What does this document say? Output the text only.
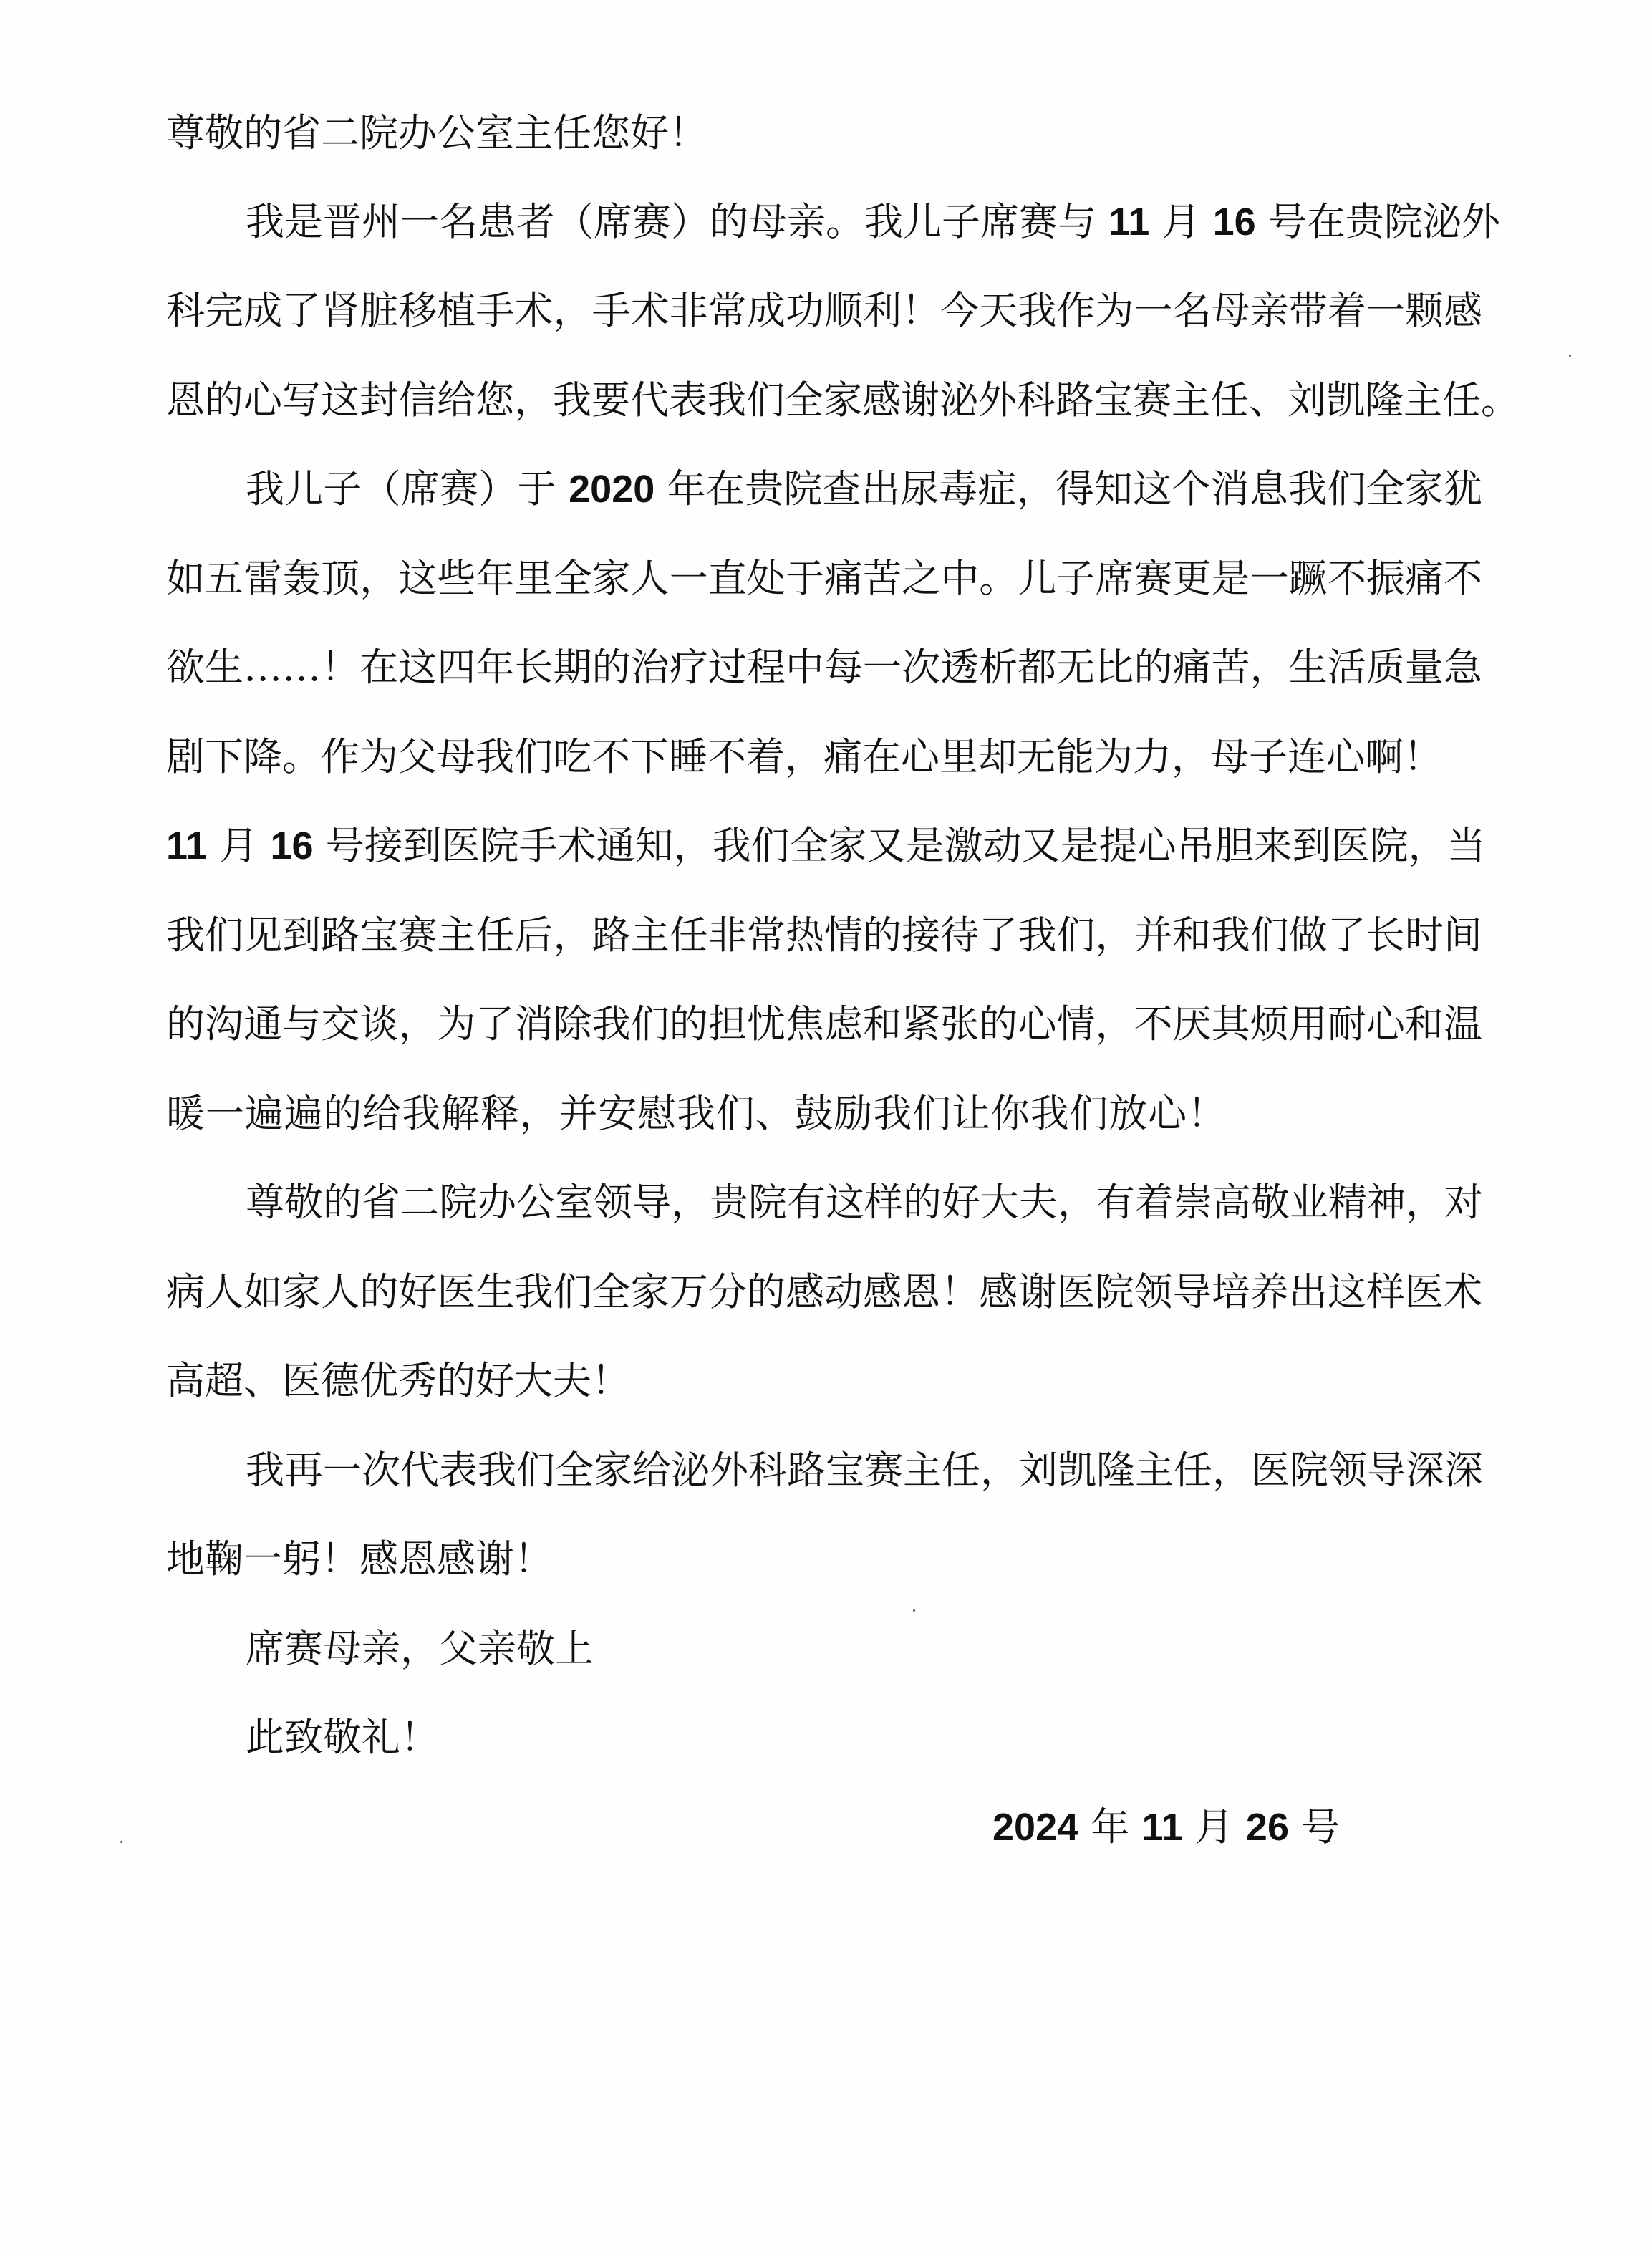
尊敬的省二院办公室主任您好！
我是晋州一名患者（席赛）的母亲。我儿子席赛与 11 月 16 号在贵院泌外
科完成了肾脏移植手术，手术非常成功顺利！今天我作为一名母亲带着一颗感
恩的心写这封信给您，我要代表我们全家感谢泌外科路宝赛主任、刘凯隆主任。
我儿子（席赛）于 2020 年在贵院查出尿毒症，得知这个消息我们全家犹
如五雷轰顶，这些年里全家人一直处于痛苦之中。儿子席赛更是一蹶不振痛不
欲生……！在这四年长期的治疗过程中每一次透析都无比的痛苦，生活质量急
剧下降。作为父母我们吃不下睡不着，痛在心里却无能为力，母子连心啊！
11 月 16 号接到医院手术通知，我们全家又是激动又是提心吊胆来到医院，当
我们见到路宝赛主任后，路主任非常热情的接待了我们，并和我们做了长时间
的沟通与交谈，为了消除我们的担忧焦虑和紧张的心情，不厌其烦用耐心和温
暖一遍遍的给我解释，并安慰我们、鼓励我们让你我们放心！
尊敬的省二院办公室领导，贵院有这样的好大夫，有着崇高敬业精神，对
病人如家人的好医生我们全家万分的感动感恩！感谢医院领导培养出这样医术
高超、医德优秀的好大夫！
我再一次代表我们全家给泌外科路宝赛主任，刘凯隆主任，医院领导深深
地鞠一躬！感恩感谢！
席赛母亲，父亲敬上
此致敬礼！
2024 年 11 月 26 号
